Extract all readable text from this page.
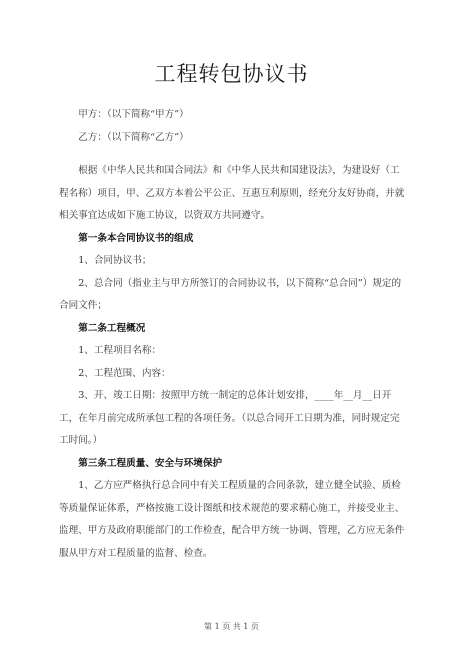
工程转包协议书

甲方：（以下简称“甲方”）

乙方：（以下简称“乙方”）

根据《中华人民共和国合同法》和《中华人民共和国建设法》，为建设好（工程名称）项目，甲、乙双方本着公平公正、互惠互利原则，经充分友好协商，并就相关事宜达成如下施工协议，以资双方共同遵守。

第一条本合同协议书的组成

1、合同协议书；

2、总合同（指业主与甲方所签订的合同协议书，以下简称“总合同”）规定的合同文件；

第二条工程概况

1、工程项目名称：

2、工程范围、内容：

3、开、竣工日期：按照甲方统一制定的总体计划安排，____年__月__日开工，在年月前完成所承包工程的各项任务。（以总合同开工日期为准，同时规定完工时间。）

第三条工程质量、安全与环境保护

1、乙方应严格执行总合同中有关工程质量的合同条款，建立健全试验、质检等质量保证体系，严格按施工设计图纸和技术规范的要求精心施工，并接受业主、监理、甲方及政府职能部门的工作检查，配合甲方统一协调、管理，乙方应无条件服从甲方对工程质量的监督、检查。

第 1 页 共 1 页
